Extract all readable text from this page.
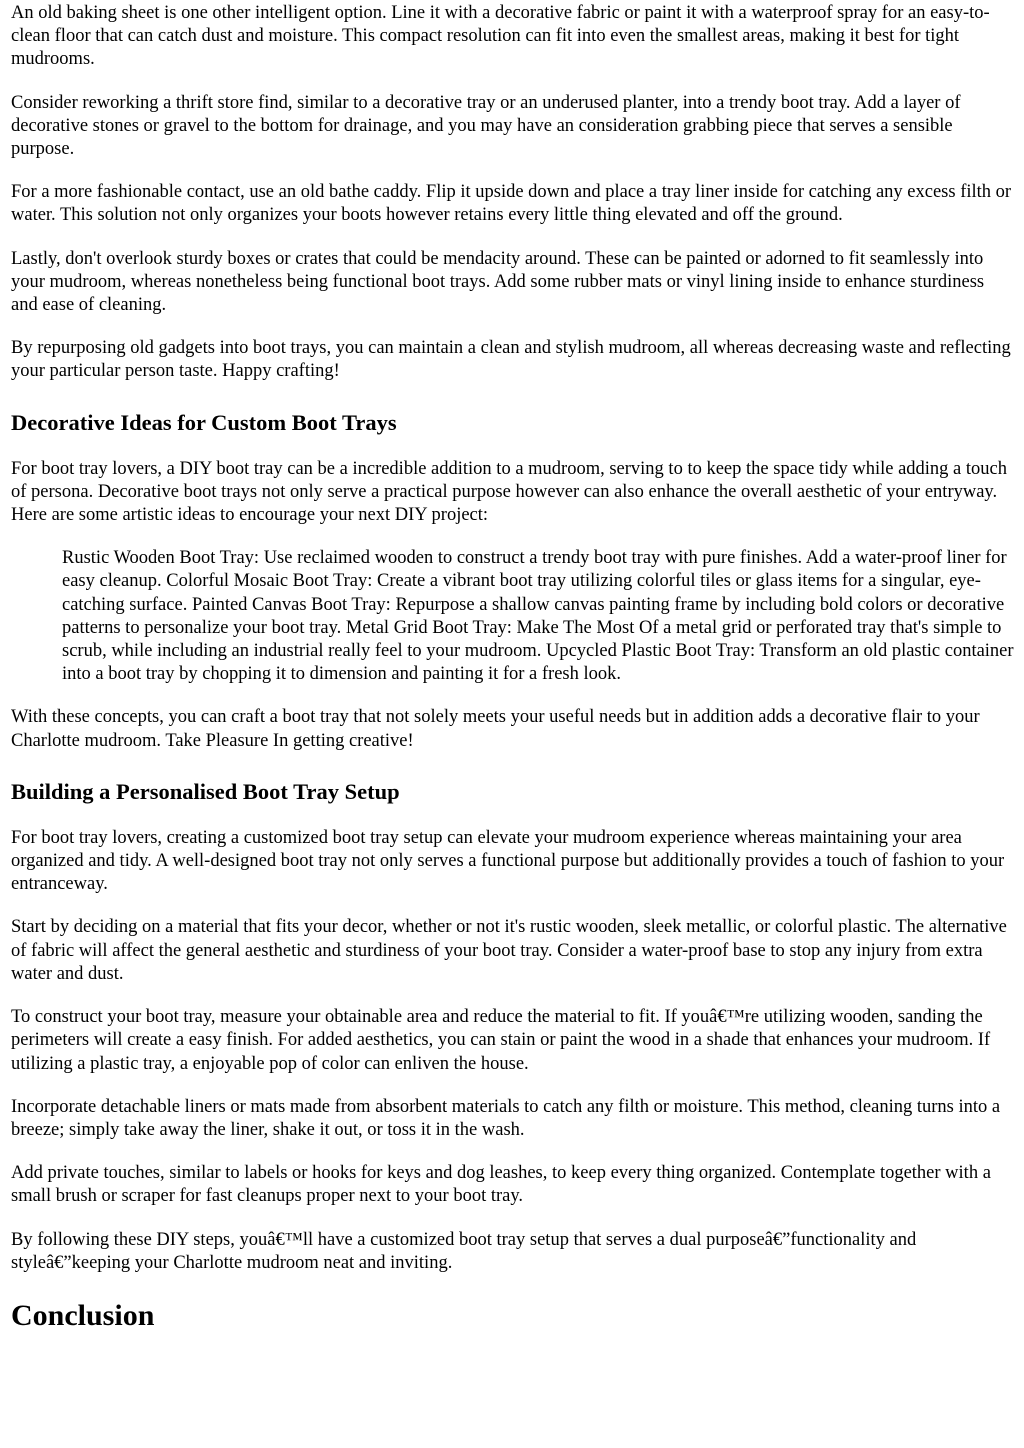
An old baking sheet is one other intelligent option. Line it with a decorative fabric or paint it with a waterproof spray for an easy-to-clean floor that can catch dust and moisture. This compact resolution can fit into even the smallest areas, making it best for tight mudrooms.

Consider reworking a thrift store find, similar to a decorative tray or an underused planter, into a trendy boot tray. Add a layer of decorative stones or gravel to the bottom for drainage, and you may have an consideration grabbing piece that serves a sensible purpose.

For a more fashionable contact, use an old bathe caddy. Flip it upside down and place a tray liner inside for catching any excess filth or water. This solution not only organizes your boots however retains every little thing elevated and off the ground.

Lastly, don't overlook sturdy boxes or crates that could be mendacity around. These can be painted or adorned to fit seamlessly into your mudroom, whereas nonetheless being functional boot trays. Add some rubber mats or vinyl lining inside to enhance sturdiness and ease of cleaning.

By repurposing old gadgets into boot trays, you can maintain a clean and stylish mudroom, all whereas decreasing waste and reflecting your particular person taste. Happy crafting!

Decorative Ideas for Custom Boot Trays

For boot tray lovers, a DIY boot tray can be a incredible addition to a mudroom, serving to to keep the space tidy while adding a touch of persona. Decorative boot trays not only serve a practical purpose however can also enhance the overall aesthetic of your entryway. Here are some artistic ideas to encourage your next DIY project:

Rustic Wooden Boot Tray: Use reclaimed wooden to construct a trendy boot tray with pure finishes. Add a water-proof liner for easy cleanup. Colorful Mosaic Boot Tray: Create a vibrant boot tray utilizing colorful tiles or glass items for a singular, eye-catching surface. Painted Canvas Boot Tray: Repurpose a shallow canvas painting frame by including bold colors or decorative patterns to personalize your boot tray. Metal Grid Boot Tray: Make The Most Of a metal grid or perforated tray that's simple to scrub, while including an industrial really feel to your mudroom. Upcycled Plastic Boot Tray: Transform an old plastic container into a boot tray by chopping it to dimension and painting it for a fresh look.

With these concepts, you can craft a boot tray that not solely meets your useful needs but in addition adds a decorative flair to your Charlotte mudroom. Take Pleasure In getting creative!

Building a Personalised Boot Tray Setup

For boot tray lovers, creating a customized boot tray setup can elevate your mudroom experience whereas maintaining your area organized and tidy. A well-designed boot tray not only serves a functional purpose but additionally provides a touch of fashion to your entranceway.

Start by deciding on a material that fits your decor, whether or not it's rustic wooden, sleek metallic, or colorful plastic. The alternative of fabric will affect the general aesthetic and sturdiness of your boot tray. Consider a water-proof base to stop any injury from extra water and dust.

To construct your boot tray, measure your obtainable area and reduce the material to fit. If youâ€™re utilizing wooden, sanding the perimeters will create a easy finish. For added aesthetics, you can stain or paint the wood in a shade that enhances your mudroom. If utilizing a plastic tray, a enjoyable pop of color can enliven the house.

Incorporate detachable liners or mats made from absorbent materials to catch any filth or moisture. This method, cleaning turns into a breeze; simply take away the liner, shake it out, or toss it in the wash.

Add private touches, similar to labels or hooks for keys and dog leashes, to keep every thing organized. Contemplate together with a small brush or scraper for fast cleanups proper next to your boot tray.

By following these DIY steps, youâ€™ll have a customized boot tray setup that serves a dual purposeâ€”functionality and styleâ€”keeping your Charlotte mudroom neat and inviting.

Conclusion
